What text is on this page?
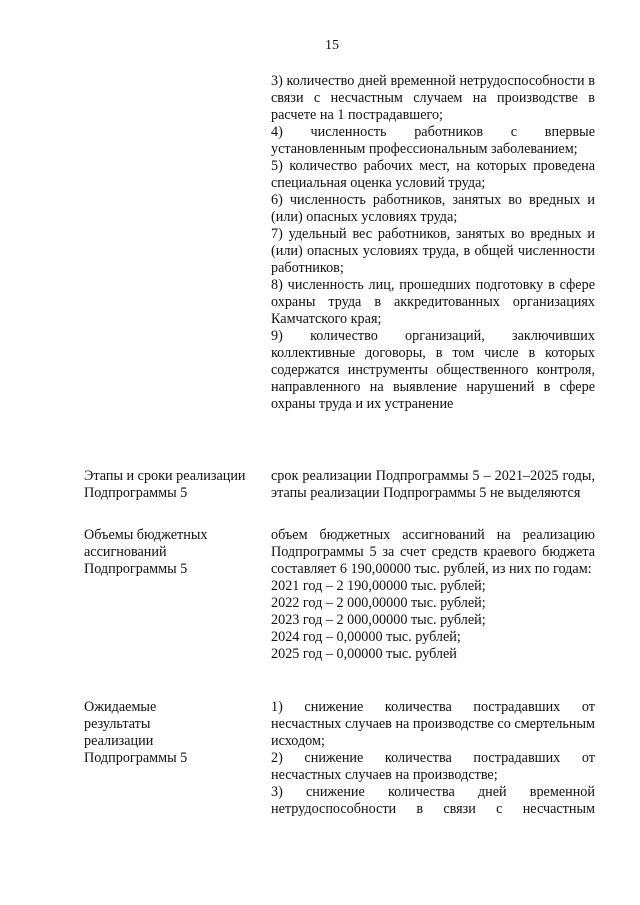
15

3) количество дней временной нетрудоспособности в связи с несчастным случаем на производстве в расчете на 1 пострадавшего;

4) численность работников с впервые установленным профессиональным заболеванием;

5) количество рабочих мест, на которых проведена специальная оценка условий труда;

6) численность работников, занятых во вредных и (или) опасных условиях труда;

7) удельный вес работников, занятых во вредных и (или) опасных условиях труда, в общей численности работников;

8) численность лиц, прошедших подготовку в сфере охраны труда в аккредитованных организациях Камчатского края;

9) количество организаций, заключивших коллективные договоры, в том числе в которых содержатся инструменты общественного контроля, направленного на выявление нарушений в сфере охраны труда и их устранение

Этапы и сроки реализации
Подпрограммы 5

срок реализации Подпрограммы 5 – 2021–2025 годы, этапы реализации Подпрограммы 5 не выделяются

Объемы бюджетных
ассигнований
Подпрограммы 5

объем бюджетных ассигнований на реализацию Подпрограммы 5 за счет средств краевого бюджета составляет 6 190,00000 тыс. рублей, из них по годам:

2021 год – 2 190,00000 тыс. рублей;

2022 год – 2 000,00000 тыс. рублей;

2023 год – 2 000,00000 тыс. рублей;

2024 год – 0,00000 тыс. рублей;

2025 год – 0,00000 тыс. рублей

Ожидаемые
результаты
реализации
Подпрограммы 5

1) снижение количества пострадавших от несчастных случаев на производстве со смертельным исходом;

2) снижение количества пострадавших от несчастных случаев на производстве;

3) снижение количества дней временной нетрудоспособности в связи с несчастным
